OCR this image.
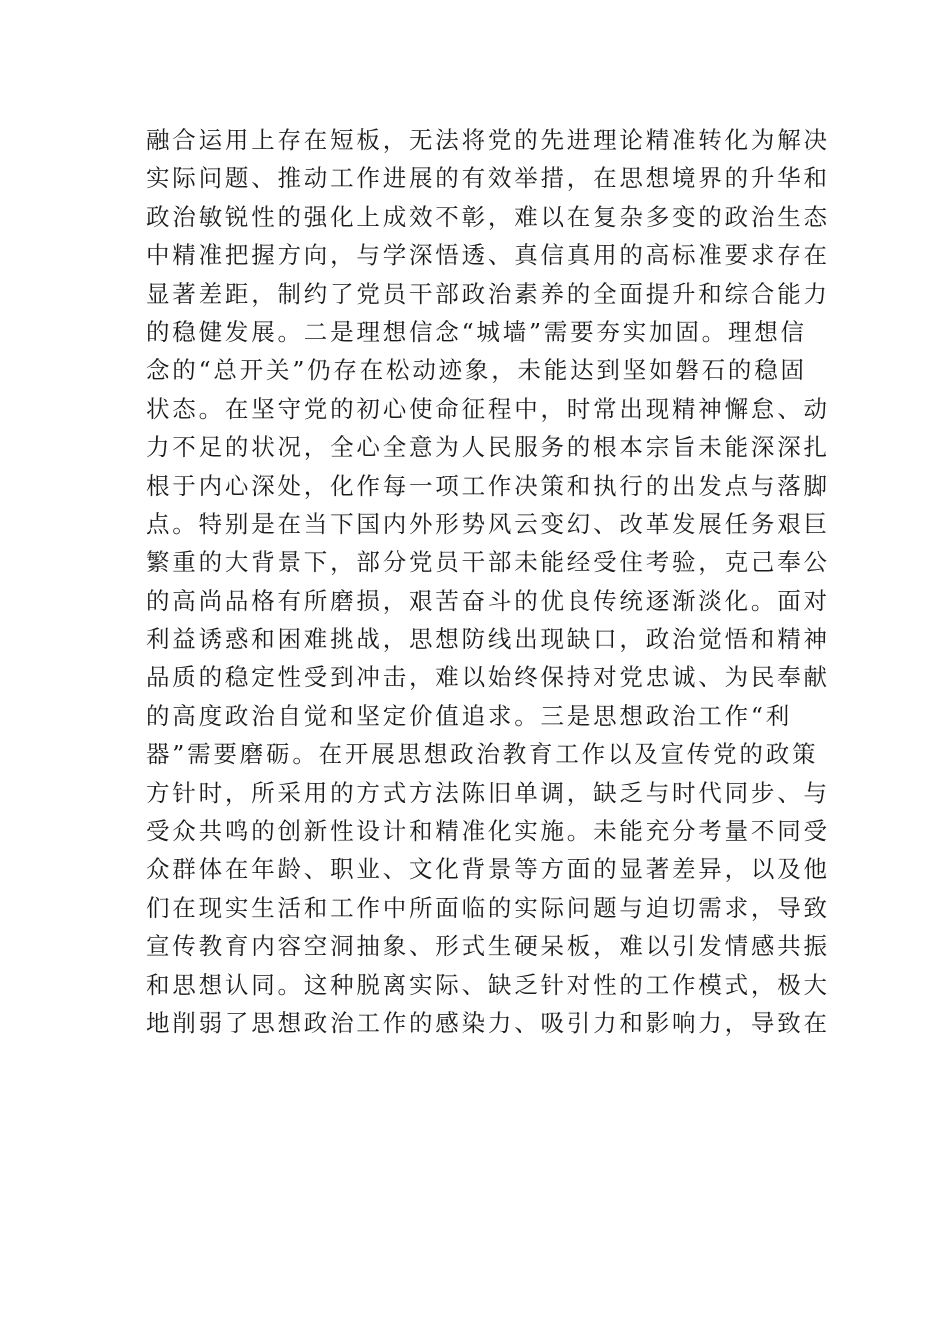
融合运用上存在短板，无法将党的先进理论精准转化为解决
实际问题、推动工作进展的有效举措，在思想境界的升华和
政治敏锐性的强化上成效不彰，难以在复杂多变的政治生态
中精准把握方向，与学深悟透、真信真用的高标准要求存在
显著差距，制约了党员干部政治素养的全面提升和综合能力
的稳健发展。二是理想信念“城墙”需要夯实加固。理想信
念的“总开关”仍存在松动迹象，未能达到坚如磐石的稳固
状态。在坚守党的初心使命征程中，时常出现精神懈怠、动
力不足的状况，全心全意为人民服务的根本宗旨未能深深扎
根于内心深处，化作每一项工作决策和执行的出发点与落脚
点。特别是在当下国内外形势风云变幻、改革发展任务艰巨
繁重的大背景下，部分党员干部未能经受住考验，克己奉公
的高尚品格有所磨损，艰苦奋斗的优良传统逐渐淡化。面对
利益诱惑和困难挑战，思想防线出现缺口，政治觉悟和精神
品质的稳定性受到冲击，难以始终保持对党忠诚、为民奉献
的高度政治自觉和坚定价值追求。三是思想政治工作“利
器”需要磨砺。在开展思想政治教育工作以及宣传党的政策
方针时，所采用的方式方法陈旧单调，缺乏与时代同步、与
受众共鸣的创新性设计和精准化实施。未能充分考量不同受
众群体在年龄、职业、文化背景等方面的显著差异，以及他
们在现实生活和工作中所面临的实际问题与迫切需求，导致
宣传教育内容空洞抽象、形式生硬呆板，难以引发情感共振
和思想认同。这种脱离实际、缺乏针对性的工作模式，极大
地削弱了思想政治工作的感染力、吸引力和影响力，导致在
